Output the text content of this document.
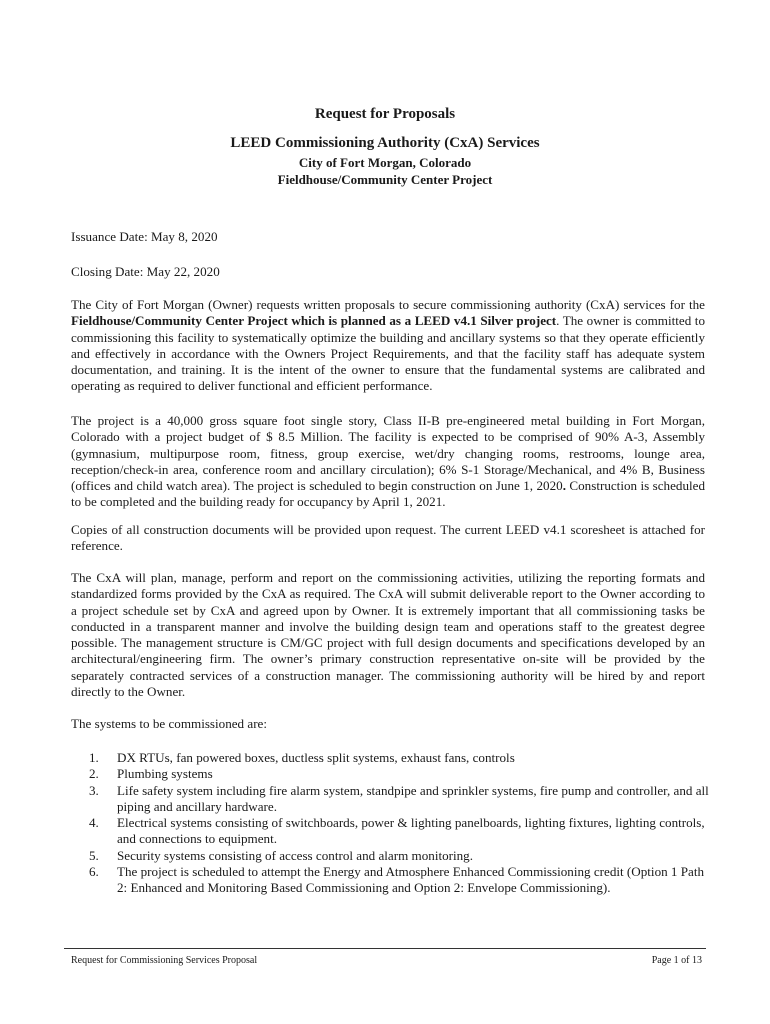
Request for Proposals
LEED Commissioning Authority (CxA) Services
City of Fort Morgan, Colorado
Fieldhouse/Community Center Project
Issuance Date: May 8, 2020
Closing Date: May 22, 2020
The City of Fort Morgan (Owner) requests written proposals to secure commissioning authority (CxA) services for the Fieldhouse/Community Center Project which is planned as a LEED v4.1 Silver project. The owner is committed to commissioning this facility to systematically optimize the building and ancillary systems so that they operate efficiently and effectively in accordance with the Owners Project Requirements, and that the facility staff has adequate system documentation, and training. It is the intent of the owner to ensure that the fundamental systems are calibrated and operating as required to deliver functional and efficient performance.
The project is a 40,000 gross square foot single story, Class II-B pre-engineered metal building in Fort Morgan, Colorado with a project budget of $ 8.5 Million. The facility is expected to be comprised of 90% A-3, Assembly (gymnasium, multipurpose room, fitness, group exercise, wet/dry changing rooms, restrooms, lounge area, reception/check-in area, conference room and ancillary circulation); 6% S-1 Storage/Mechanical, and 4% B, Business (offices and child watch area). The project is scheduled to begin construction on June 1, 2020. Construction is scheduled to be completed and the building ready for occupancy by April 1, 2021.
Copies of all construction documents will be provided upon request. The current LEED v4.1 scoresheet is attached for reference.
The CxA will plan, manage, perform and report on the commissioning activities, utilizing the reporting formats and standardized forms provided by the CxA as required. The CxA will submit deliverable report to the Owner according to a project schedule set by CxA and agreed upon by Owner. It is extremely important that all commissioning tasks be conducted in a transparent manner and involve the building design team and operations staff to the greatest degree possible. The management structure is CM/GC project with full design documents and specifications developed by an architectural/engineering firm. The owner’s primary construction representative on-site will be provided by the separately contracted services of a construction manager. The commissioning authority will be hired by and report directly to the Owner.
The systems to be commissioned are:
1. DX RTUs, fan powered boxes, ductless split systems, exhaust fans, controls
2. Plumbing systems
3. Life safety system including fire alarm system, standpipe and sprinkler systems, fire pump and controller, and all piping and ancillary hardware.
4. Electrical systems consisting of switchboards, power & lighting panelboards, lighting fixtures, lighting controls, and connections to equipment.
5. Security systems consisting of access control and alarm monitoring.
6. The project is scheduled to attempt the Energy and Atmosphere Enhanced Commissioning credit (Option 1 Path 2: Enhanced and Monitoring Based Commissioning and Option 2: Envelope Commissioning).
Request for Commissioning Services Proposal	Page 1 of 13
